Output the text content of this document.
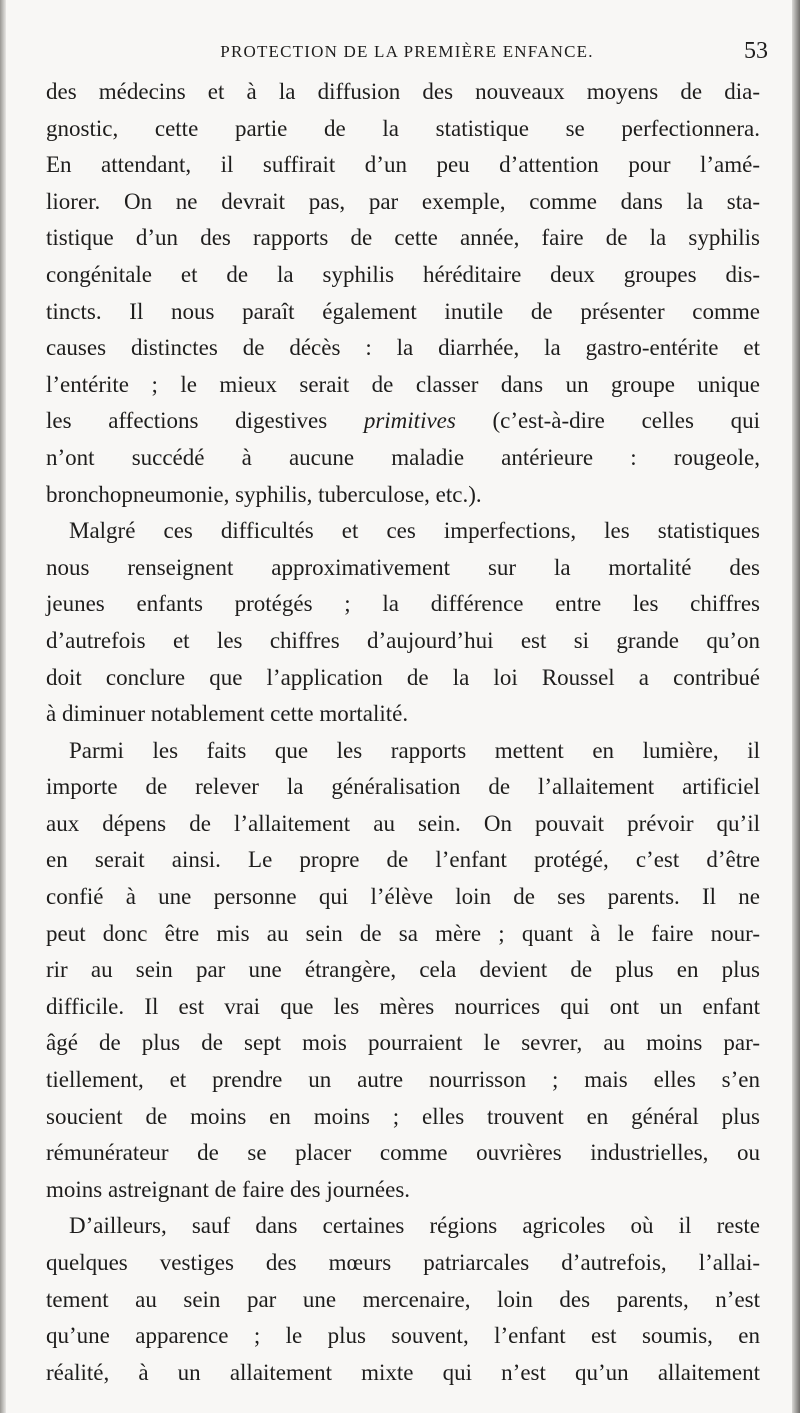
PROTECTION DE LA PREMIÈRE ENFANCE.	53
des médecins et à la diffusion des nouveaux moyens de dia-
gnostic, cette partie de la statistique se perfectionnera.
En attendant, il suffirait d’un peu d’attention pour l’amé-
liorer. On ne devrait pas, par exemple, comme dans la sta-
tistique d’un des rapports de cette année, faire de la syphilis
congénitale et de la syphilis héréditaire deux groupes dis-
tincts. Il nous paraît également inutile de présenter comme
causes distinctes de décès : la diarrhée, la gastro-entérite et
l’entérite ; le mieux serait de classer dans un groupe unique
les affections digestives primitives (c’est-à-dire celles qui
n’ont succédé à aucune maladie antérieure : rougeole,
bronchopneumonie, syphilis, tuberculose, etc.).
Malgré ces difficultés et ces imperfections, les statistiques
nous renseignent approximativement sur la mortalité des
jeunes enfants protégés ; la différence entre les chiffres
d’autrefois et les chiffres d’aujourd’hui est si grande qu’on
doit conclure que l’application de la loi Roussel a contribué
à diminuer notablement cette mortalité.
Parmi les faits que les rapports mettent en lumière, il
importe de relever la généralisation de l’allaitement artificiel
aux dépens de l’allaitement au sein. On pouvait prévoir qu’il
en serait ainsi. Le propre de l’enfant protégé, c’est d’être
confié à une personne qui l’élève loin de ses parents. Il ne
peut donc être mis au sein de sa mère ; quant à le faire nour-
rir au sein par une étrangère, cela devient de plus en plus
difficile. Il est vrai que les mères nourrices qui ont un enfant
âgé de plus de sept mois pourraient le sevrer, au moins par-
tiellement, et prendre un autre nourrisson ; mais elles s’en
soucient de moins en moins ; elles trouvent en général plus
rémunérateur de se placer comme ouvrières industrielles, ou
moins astreignant de faire des journées.
D’ailleurs, sauf dans certaines régions agricoles où il reste
quelques vestiges des mœurs patriarcales d’autrefois, l’allai-
tement au sein par une mercenaire, loin des parents, n’est
qu’une apparence ; le plus souvent, l’enfant est soumis, en
réalité, à un allaitement mixte qui n’est qu’un allaitement
